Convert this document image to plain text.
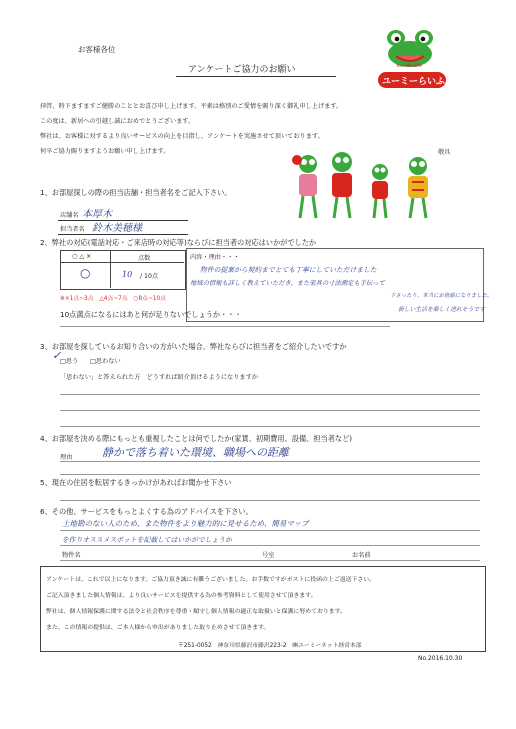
お客様各位
アンケートご協力のお願い
ユーミーらいふ
You-Me-Life
拝啓、時下ますますご健勝のこととお喜び申し上げます。平素は格別のご愛情を賜り深く御礼申し上げます。
この度は、新居への引越し誠におめでとうございます。
弊社は、お客様に対するより良いサービスの向上を目指し、アンケートを実施させて頂いております。
何卒ご協力賜りますようお願い申し上げます。	敬具
1、お部屋探しの際の担当店舗・担当者名をご記入下さい。
店舗名 本厚木
担当者名 鈴木美穂様
2、弊社の対応(電話対応・ご来店時の対応等)ならびに担当者の対応はいかがでしたか
○ △ ×	点数
○	10 / 10点
※×1点~3点　△4点~7点　○8点~10点
内容・理由・・・
物件の提案から契約までとても丁寧にしていただけました
地域の情報も詳しく教えていただき、また家具の寸法測定も手伝って
下さったり、本当にお世話になりました。
新しい生活を楽しく送れそうです
10点満点になるにはあと何が足りないでしょうか・・・
3、お部屋を探しているお知り合いの方がいた場合、弊社ならびに担当者をご紹介したいですか
✓
□思う □思わない
「思わない」と答えられた方　どうすれば紹介頂けるようになりますか
4、お部屋を決める際にもっとも重視したことは何でしたか(家賃、初期費用、設備、担当者など)
理由	静かで落ち着いた環境、職場への距離
5、現在の住居を転居するきっかけがあればお聞かせ下さい
6、その他、サービスをもっとよくする為のアドバイスを下さい。
土地勘のない人のため、また物件をより魅力的に見せるため、簡易マップ
を作りオススメスポットを記載してはいかがでしょうか
物件名	号室	お名前
アンケートは、これで以上になります。ご協力頂き誠に有難うございました。お手数ですがポストに投函の上ご返送下さい。
ご記入頂きました個人情報は、より良いサービスを提供する為の参考資料として使用させて頂きます。
弊社は、個人情報保護に関する法令と社会秩序を尊重・順守し個人情報の適正な取扱いと保護に努めております。
また、この情報の提供は、ご本人様から申出がありました取り止めさせて頂きます。
〒251-0052　神奈川県藤沢市藤沢223-2　㈱ユーミーネット経営本部
No.2016.10.30
